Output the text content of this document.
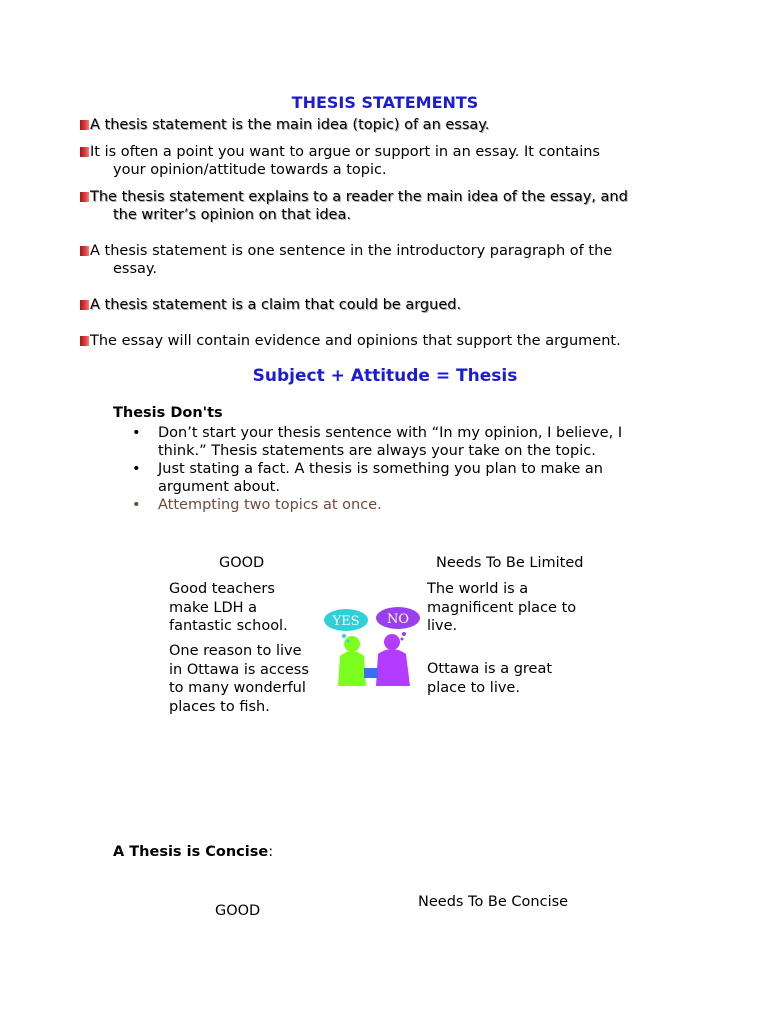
THESIS STATEMENTS
A thesis statement is the main idea (topic) of an essay.
It is often a point you want to argue or support in an essay. It contains
your opinion/attitude towards a topic.
The thesis statement explains to a reader the main idea of the essay, and
the writer’s opinion on that idea.
A thesis statement is one sentence in the introductory paragraph of the
essay.
A thesis statement is a claim that could be argued.
The essay will contain evidence and opinions that support the argument.
Subject + Attitude = Thesis
Thesis Don'ts
• Don’t start your thesis sentence with “In my opinion, I believe, I
think.” Thesis statements are always your take on the topic.
• Just stating a fact. A thesis is something you plan to make an
argument about.
• Attempting two topics at once.
GOOD	Needs To Be Limited
Good teachers
make LDH a
fantastic school.
One reason to live
in Ottawa is access
to many wonderful
places to fish.
The world is a
magnificent place to
live.
Ottawa is a great
place to live.
YES NO
A Thesis is Concise:
GOOD
Needs To Be Concise
